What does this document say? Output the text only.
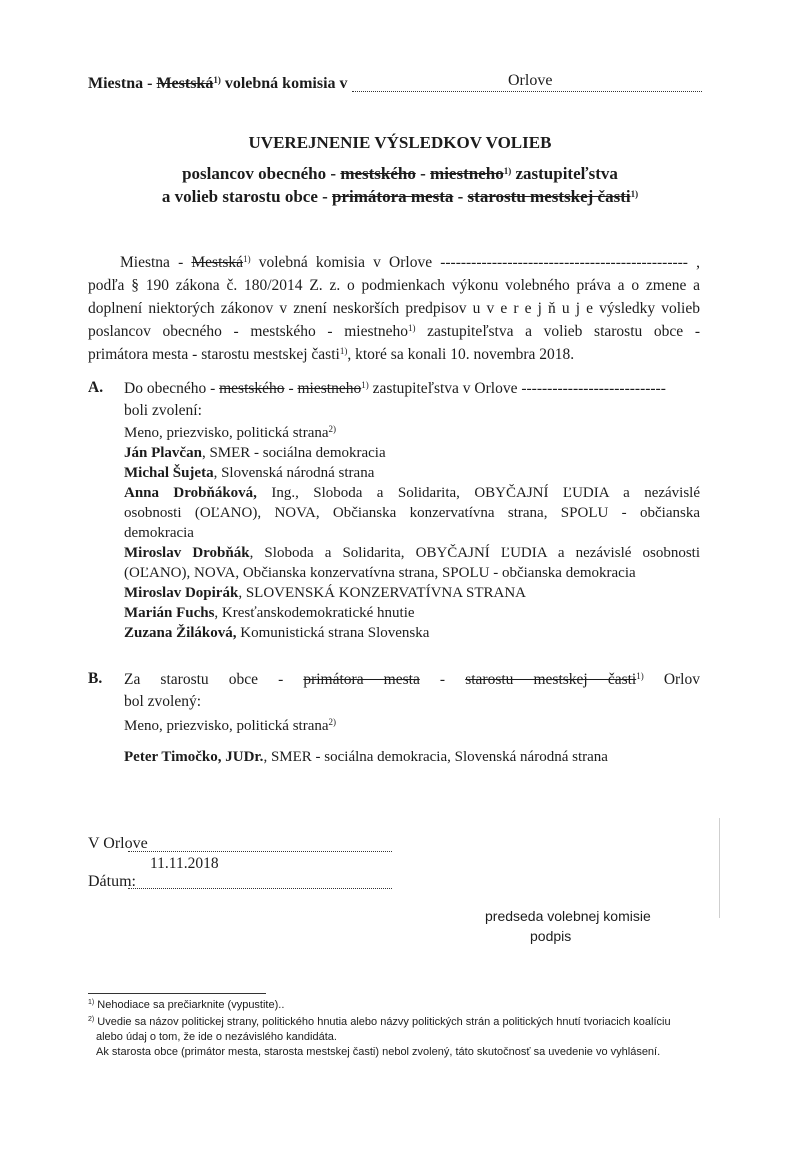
Miestna - Mestská$^{1)}$ volebná komisia v	Orlove
UVEREJNENIE VÝSLEDKOV VOLIEB
poslancov obecného - mestského - miestneho$^{1)}$ zastupiteľstva
a volieb starostu obce - primátora mesta - starostu mestskej časti$^{1)}$
Miestna - Mestská$^{1)}$ volebná komisia v Orlove ------------------------------------------------ ,
podľa § 190 zákona č. 180/2014 Z. z. o podmienkach výkonu volebného práva a o zmene a
doplnení niektorých zákonov v znení neskorších predpisov u v e r e j ň u j e výsledky volieb
poslancov obecného - mestského - miestneho$^{1)}$ zastupiteľstva a volieb starostu obce -
primátora mesta - starostu mestskej časti$^{1)}$, ktoré sa konali 10. novembra 2018.
A. Do obecného - mestského - miestneho$^{1)}$ zastupiteľstva v Orlove ----------------------------
boli zvolení:
Meno, priezvisko, politická strana$^{2)}$
Ján Plavčan, SMER - sociálna demokracia
Michal Šujeta, Slovenská národná strana
Anna Drobňáková, Ing., Sloboda a Solidarita, OBYČAJNÍ ĽUDIA a nezávislé
osobnosti (OĽANO), NOVA, Občianska konzervatívna strana, SPOLU - občianska
demokracia
Miroslav Drobňák, Sloboda a Solidarita, OBYČAJNÍ ĽUDIA a nezávislé osobnosti
(OĽANO), NOVA, Občianska konzervatívna strana, SPOLU - občianska demokracia
Miroslav Dopirák, SLOVENSKÁ KONZERVATÍVNA STRANA
Marián Fuchs, Kresťanskodemokratické hnutie
Zuzana Žiláková, Komunistická strana Slovenska
B. Za starostu obce - primátora mesta - starostu mestskej časti$^{1)}$ Orlov
bol zvolený:
Meno, priezvisko, politická strana$^{2)}$
Peter Timočko, JUDr., SMER - sociálna demokracia, Slovenská národná strana
V Orlove
11.11.2018
Dátum:
predseda volebnej komisie
podpis
$^{1)}$ Nehodiace sa prečiarknite (vypustite)..
$^{2)}$ Uvedie sa názov politickej strany, politického hnutia alebo názvy politických strán a politických hnutí tvoriacich koalíciu
alebo údaj o tom, že ide o nezávislého kandidáta.
Ak starosta obce (primátor mesta, starosta mestskej časti) nebol zvolený, táto skutočnosť sa uvedenie vo vyhlásení.
